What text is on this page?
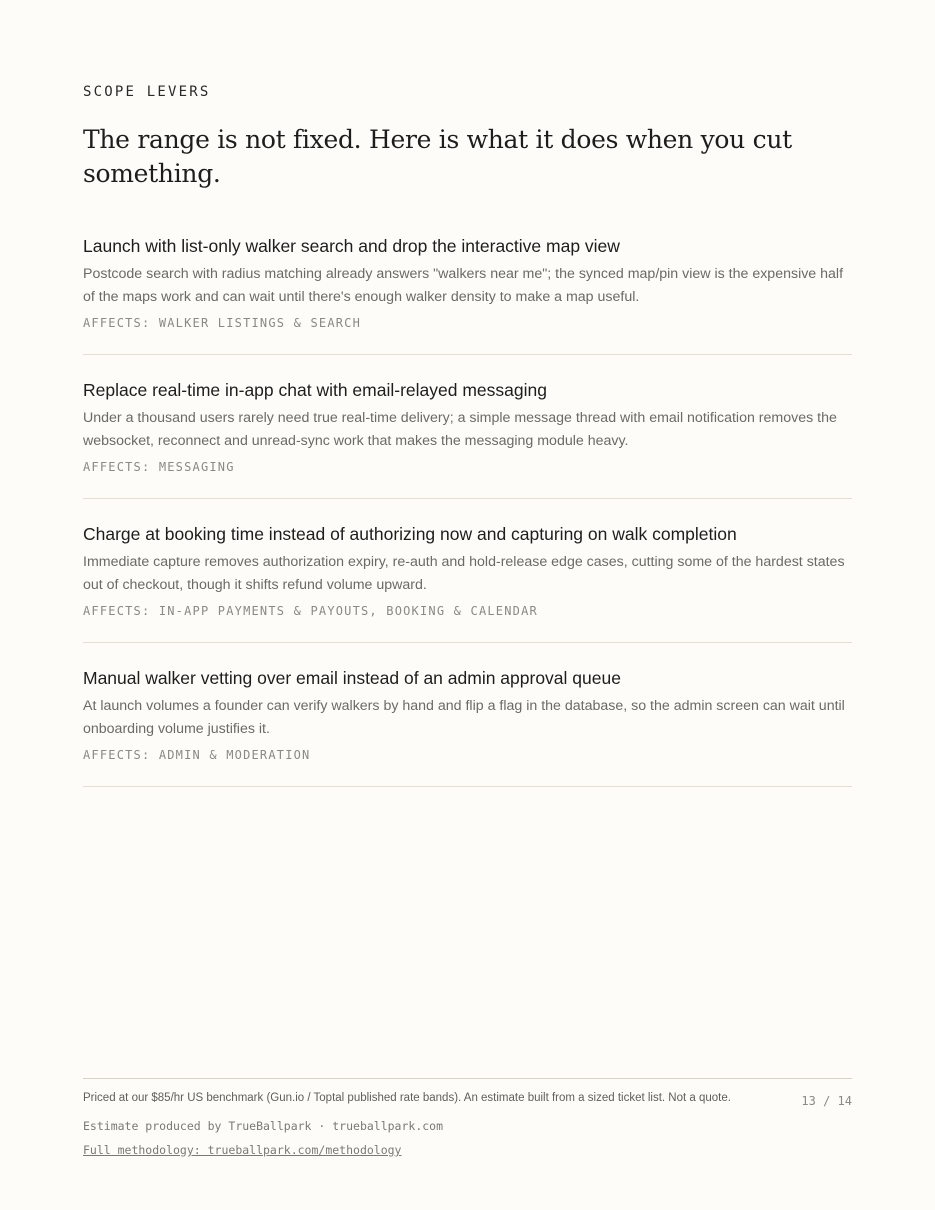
SCOPE LEVERS
The range is not fixed. Here is what it does when you cut something.
Launch with list-only walker search and drop the interactive map view
Postcode search with radius matching already answers "walkers near me"; the synced map/pin view is the expensive half of the maps work and can wait until there's enough walker density to make a map useful.
AFFECTS: WALKER LISTINGS & SEARCH
Replace real-time in-app chat with email-relayed messaging
Under a thousand users rarely need true real-time delivery; a simple message thread with email notification removes the websocket, reconnect and unread-sync work that makes the messaging module heavy.
AFFECTS: MESSAGING
Charge at booking time instead of authorizing now and capturing on walk completion
Immediate capture removes authorization expiry, re-auth and hold-release edge cases, cutting some of the hardest states out of checkout, though it shifts refund volume upward.
AFFECTS: IN-APP PAYMENTS & PAYOUTS, BOOKING & CALENDAR
Manual walker vetting over email instead of an admin approval queue
At launch volumes a founder can verify walkers by hand and flip a flag in the database, so the admin screen can wait until onboarding volume justifies it.
AFFECTS: ADMIN & MODERATION
Priced at our $85/hr US benchmark (Gun.io / Toptal published rate bands). An estimate built from a sized ticket list. Not a quote.	13 / 14
Estimate produced by TrueBallpark · trueballpark.com
Full methodology: trueballpark.com/methodology
